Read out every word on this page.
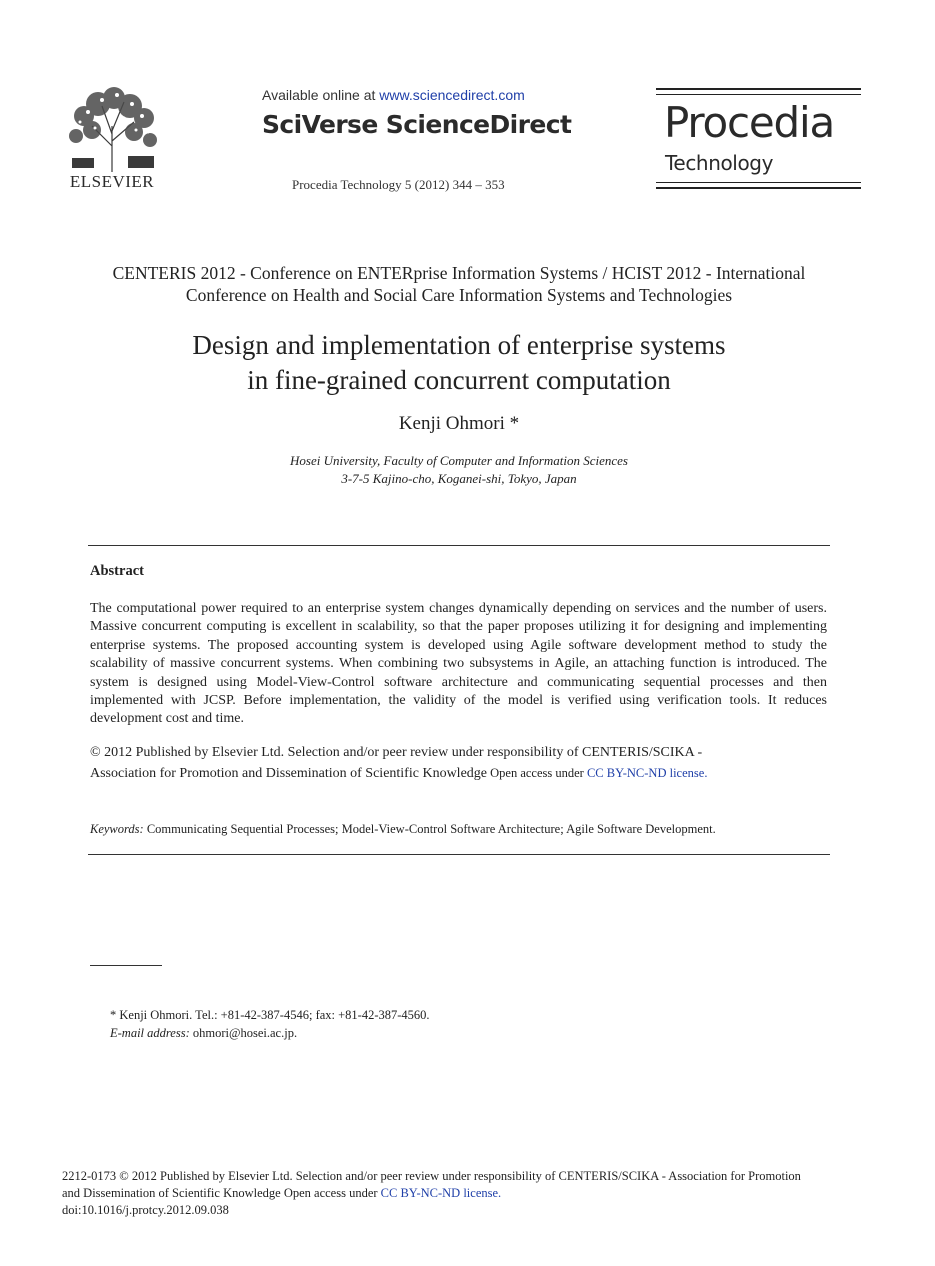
ELSEVIER
Available online at www.sciencedirect.com
SciVerse ScienceDirect
Procedia Technology 5 (2012) 344 – 353
Procedia
Technology
CENTERIS 2012 - Conference on ENTERprise Information Systems / HCIST 2012 - International
Conference on Health and Social Care Information Systems and Technologies
Design and implementation of enterprise systems
in fine-grained concurrent computation
Kenji Ohmori *
Hosei University, Faculty of Computer and Information Sciences
3-7-5 Kajino-cho, Koganei-shi, Tokyo, Japan
Abstract
The computational power required to an enterprise system changes dynamically depending on services and the number of users. Massive concurrent computing is excellent in scalability, so that the paper proposes utilizing it for designing and implementing enterprise systems. The proposed accounting system is developed using Agile software development method to study the scalability of massive concurrent systems. When combining two subsystems in Agile, an attaching function is introduced. The system is designed using Model-View-Control software architecture and communicating sequential processes and then implemented with JCSP. Before implementation, the validity of the model is verified using verification tools. It reduces development cost and time.
© 2012 Published by Elsevier Ltd. Selection and/or peer review under responsibility of CENTERIS/SCIKA -
Association for Promotion and Dissemination of Scientific Knowledge Open access under CC BY-NC-ND license.
Keywords: Communicating Sequential Processes; Model-View-Control Software Architecture; Agile Software Development.
* Kenji Ohmori. Tel.: +81-42-387-4546; fax: +81-42-387-4560.
E-mail address: ohmori@hosei.ac.jp.
2212-0173 © 2012 Published by Elsevier Ltd. Selection and/or peer review under responsibility of CENTERIS/SCIKA - Association for Promotion
and Dissemination of Scientific Knowledge Open access under CC BY-NC-ND license.
doi:10.1016/j.protcy.2012.09.038
